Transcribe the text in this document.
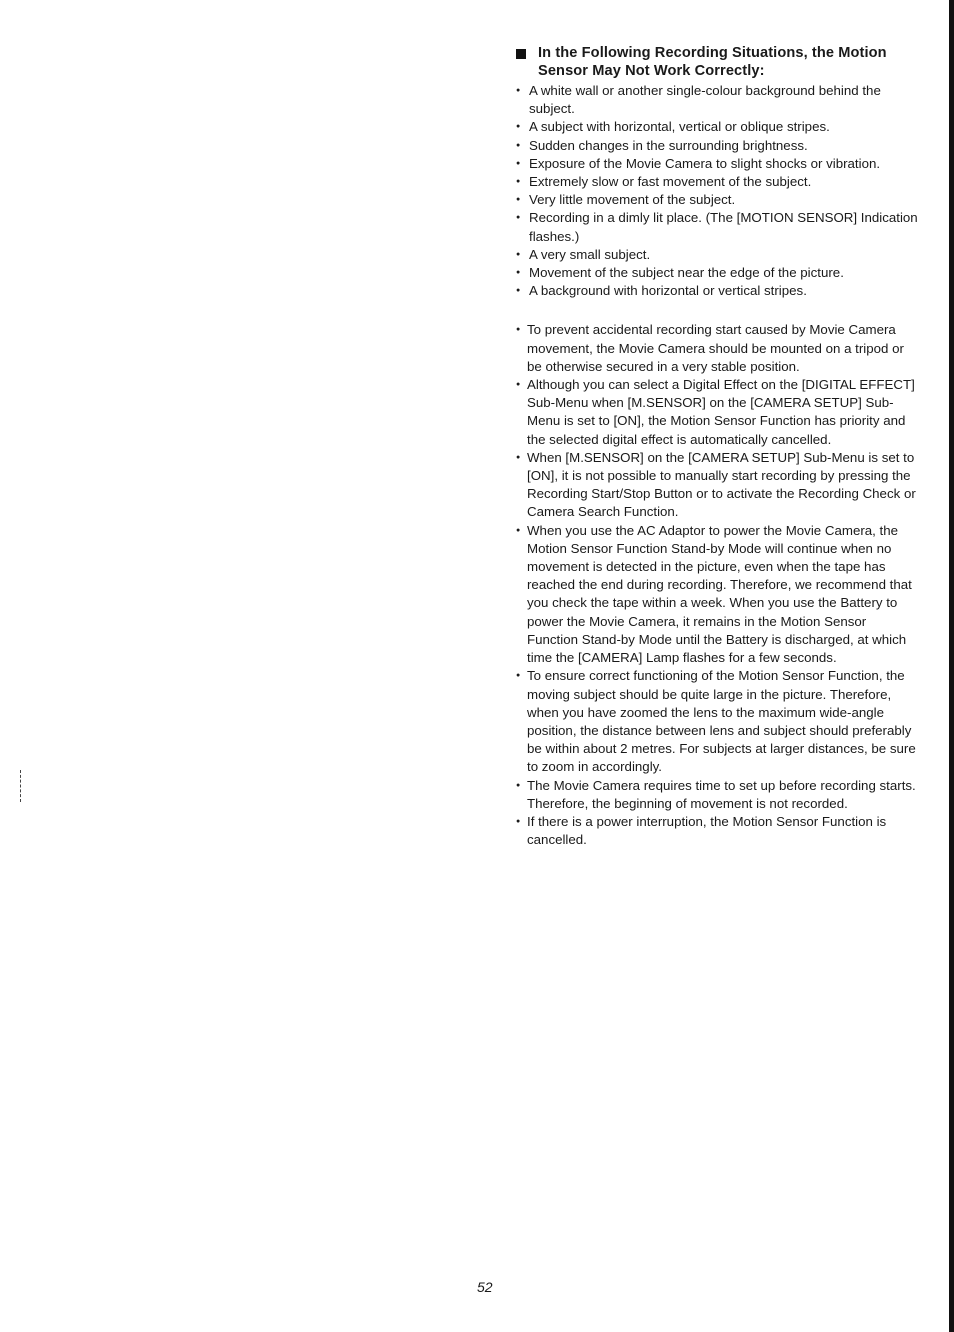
In the Following Recording Situations, the Motion Sensor May Not Work Correctly:
● A white wall or another single-colour background behind the subject.
● A subject with horizontal, vertical or oblique stripes.
● Sudden changes in the surrounding brightness.
● Exposure of the Movie Camera to slight shocks or vibration.
● Extremely slow or fast movement of the subject.
● Very little movement of the subject.
● Recording in a dimly lit place. (The [MOTION SENSOR] Indication flashes.)
● A very small subject.
● Movement of the subject near the edge of the picture.
● A background with horizontal or vertical stripes.
● To prevent accidental recording start caused by Movie Camera movement, the Movie Camera should be mounted on a tripod or be otherwise secured in a very stable position.
● Although you can select a Digital Effect on the [DIGITAL EFFECT] Sub-Menu when [M.SENSOR] on the [CAMERA SETUP] Sub-Menu is set to [ON], the Motion Sensor Function has priority and the selected digital effect is automatically cancelled.
● When [M.SENSOR] on the [CAMERA SETUP] Sub-Menu is set to [ON], it is not possible to manually start recording by pressing the Recording Start/Stop Button or to activate the Recording Check or Camera Search Function.
● When you use the AC Adaptor to power the Movie Camera, the Motion Sensor Function Stand-by Mode will continue when no movement is detected in the picture, even when the tape has reached the end during recording. Therefore, we recommend that you check the tape within a week. When you use the Battery to power the Movie Camera, it remains in the Motion Sensor Function Stand-by Mode until the Battery is discharged, at which time the [CAMERA] Lamp flashes for a few seconds.
● To ensure correct functioning of the Motion Sensor Function, the moving subject should be quite large in the picture. Therefore, when you have zoomed the lens to the maximum wide-angle position, the distance between lens and subject should preferably be within about 2 metres. For subjects at larger distances, be sure to zoom in accordingly.
● The Movie Camera requires time to set up before recording starts. Therefore, the beginning of movement is not recorded.
● If there is a power interruption, the Motion Sensor Function is cancelled.
52
